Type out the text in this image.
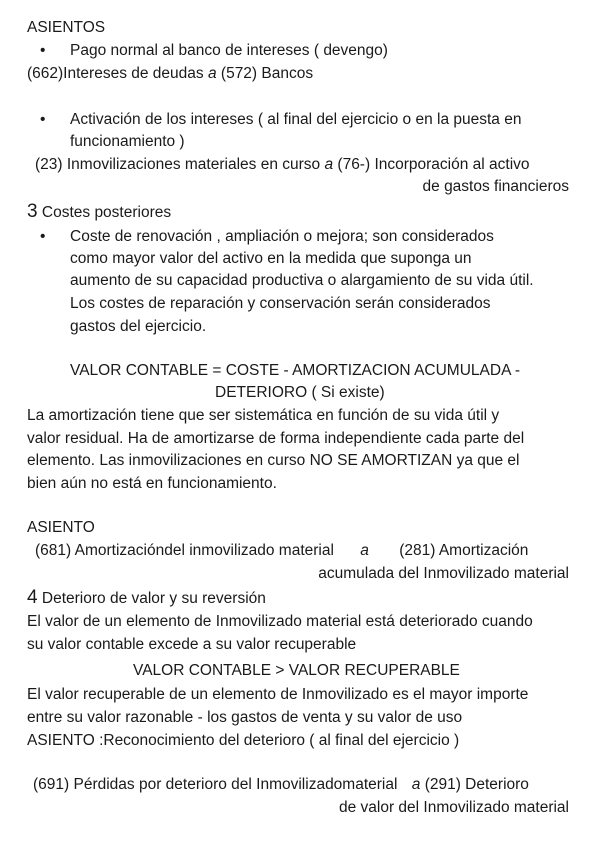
ASIENTOS
• Pago normal al banco de intereses ( devengo)
(662)Intereses de deudas a (572) Bancos
• Activación de los intereses ( al final del ejercicio o en la puesta en
funcionamiento )
(23) Inmovilizaciones materiales en curso a (76-) Incorporación al activo
de gastos financieros
3 Costes posteriores
• Coste de renovación , ampliación o mejora; son considerados
como mayor valor del activo en la medida que suponga un
aumento de su capacidad productiva o alargamiento de su vida útil.
Los costes de reparación y conservación serán considerados
gastos del ejercicio.
VALOR CONTABLE = COSTE - AMORTIZACION ACUMULADA -
DETERIORO ( Si existe)
La amortización tiene que ser sistemática en función de su vida útil y
valor residual. Ha de amortizarse de forma independiente cada parte del
elemento. Las inmovilizaciones en curso NO SE AMORTIZAN ya que el
bien aún no está en funcionamiento.
ASIENTO
(681) Amortizacióndel inmovilizado material a (281) Amortización
acumulada del Inmovilizado material
4 Deterioro de valor y su reversión
El valor de un elemento de Inmovilizado material está deteriorado cuando
su valor contable excede a su valor recuperable
VALOR CONTABLE > VALOR RECUPERABLE
El valor recuperable de un elemento de Inmovilizado es el mayor importe
entre su valor razonable - los gastos de venta y su valor de uso
ASIENTO :Reconocimiento del deterioro ( al final del ejercicio )
(691) Pérdidas por deterioro del Inmovilizadomaterial a (291) Deterioro
de valor del Inmovilizado material
